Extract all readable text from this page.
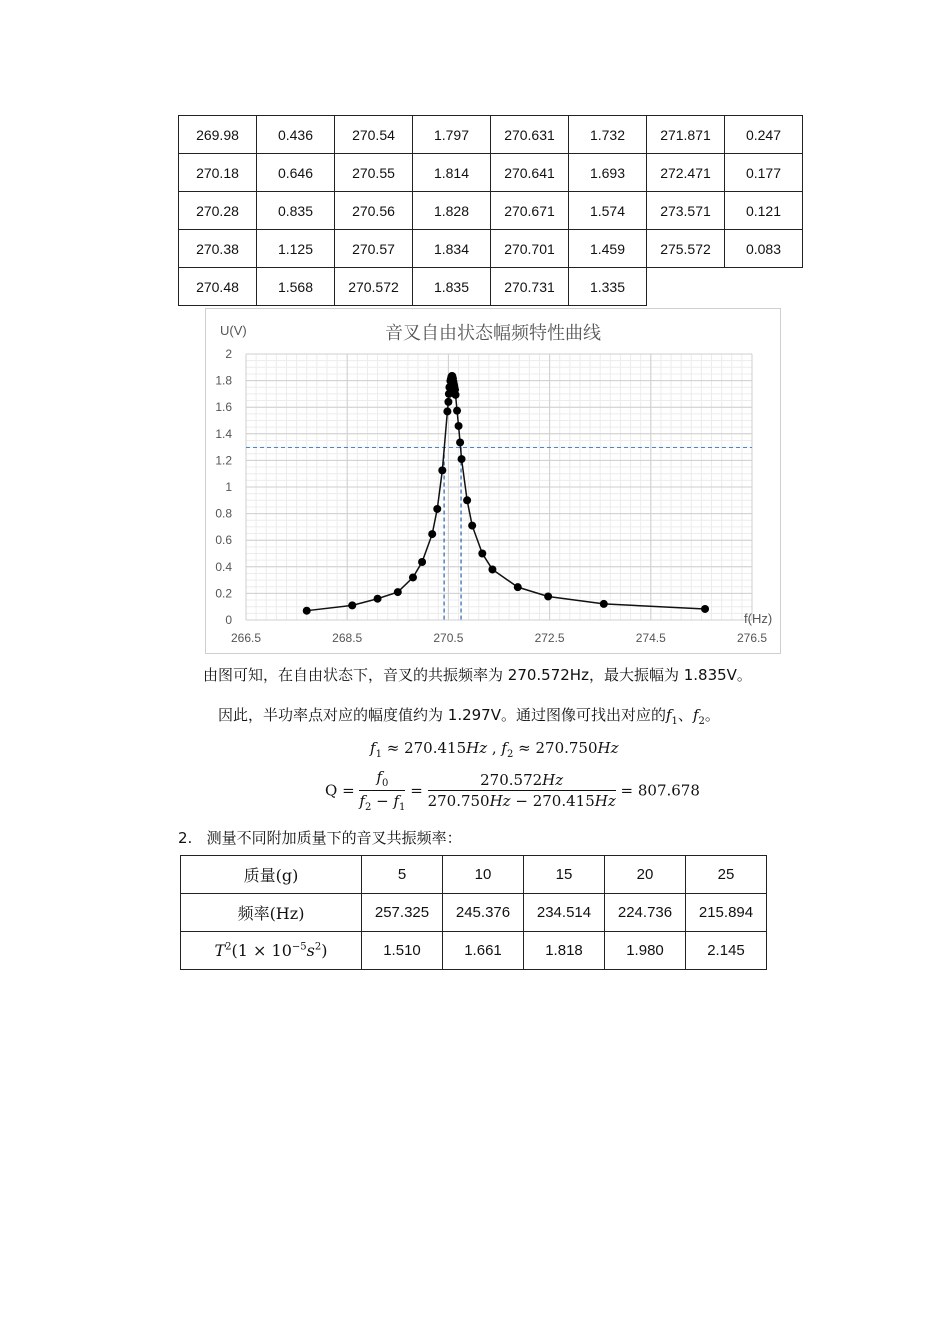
269.98	0.436	270.54	1.797	270.631	1.732	271.871	0.247
270.18	0.646	270.55	1.814	270.641	1.693	272.471	0.177
270.28	0.835	270.56	1.828	270.671	1.574	273.571	0.121
270.38	1.125	270.57	1.834	270.701	1.459	275.572	0.083
270.48	1.568	270.572	1.835	270.731	1.335		
266.5	268.5	270.5	272.5	274.5	276.5
0
0.2
0.4
0.6
0.8
1
1.2
1.4
1.6
1.8
2
U(V)
f(Hz)
音叉自由状态幅频特性曲线
由图可知，在自由状态下，音叉的共振频率为 270.572Hz，最大振幅为 1.835V。
因此，半功率点对应的幅度值约为 1.297V。通过图像可找出对应的$f_1$、$f_2$。
$f_1 \approx 270.415Hz$ , $f_2 \approx 270.750Hz$
$Q = \frac{f_0}{f_2 - f_1} = \frac{270.572Hz}{270.750Hz - 270.415Hz} = 807.678$
2. 测量不同附加质量下的音叉共振频率：
质量(g)	5	10	15	20	25
频率(Hz)	257.325	245.376	234.514	224.736	215.894
$T^2(1 \times 10^{-5}s^2)$	1.510	1.661	1.818	1.980	2.145
